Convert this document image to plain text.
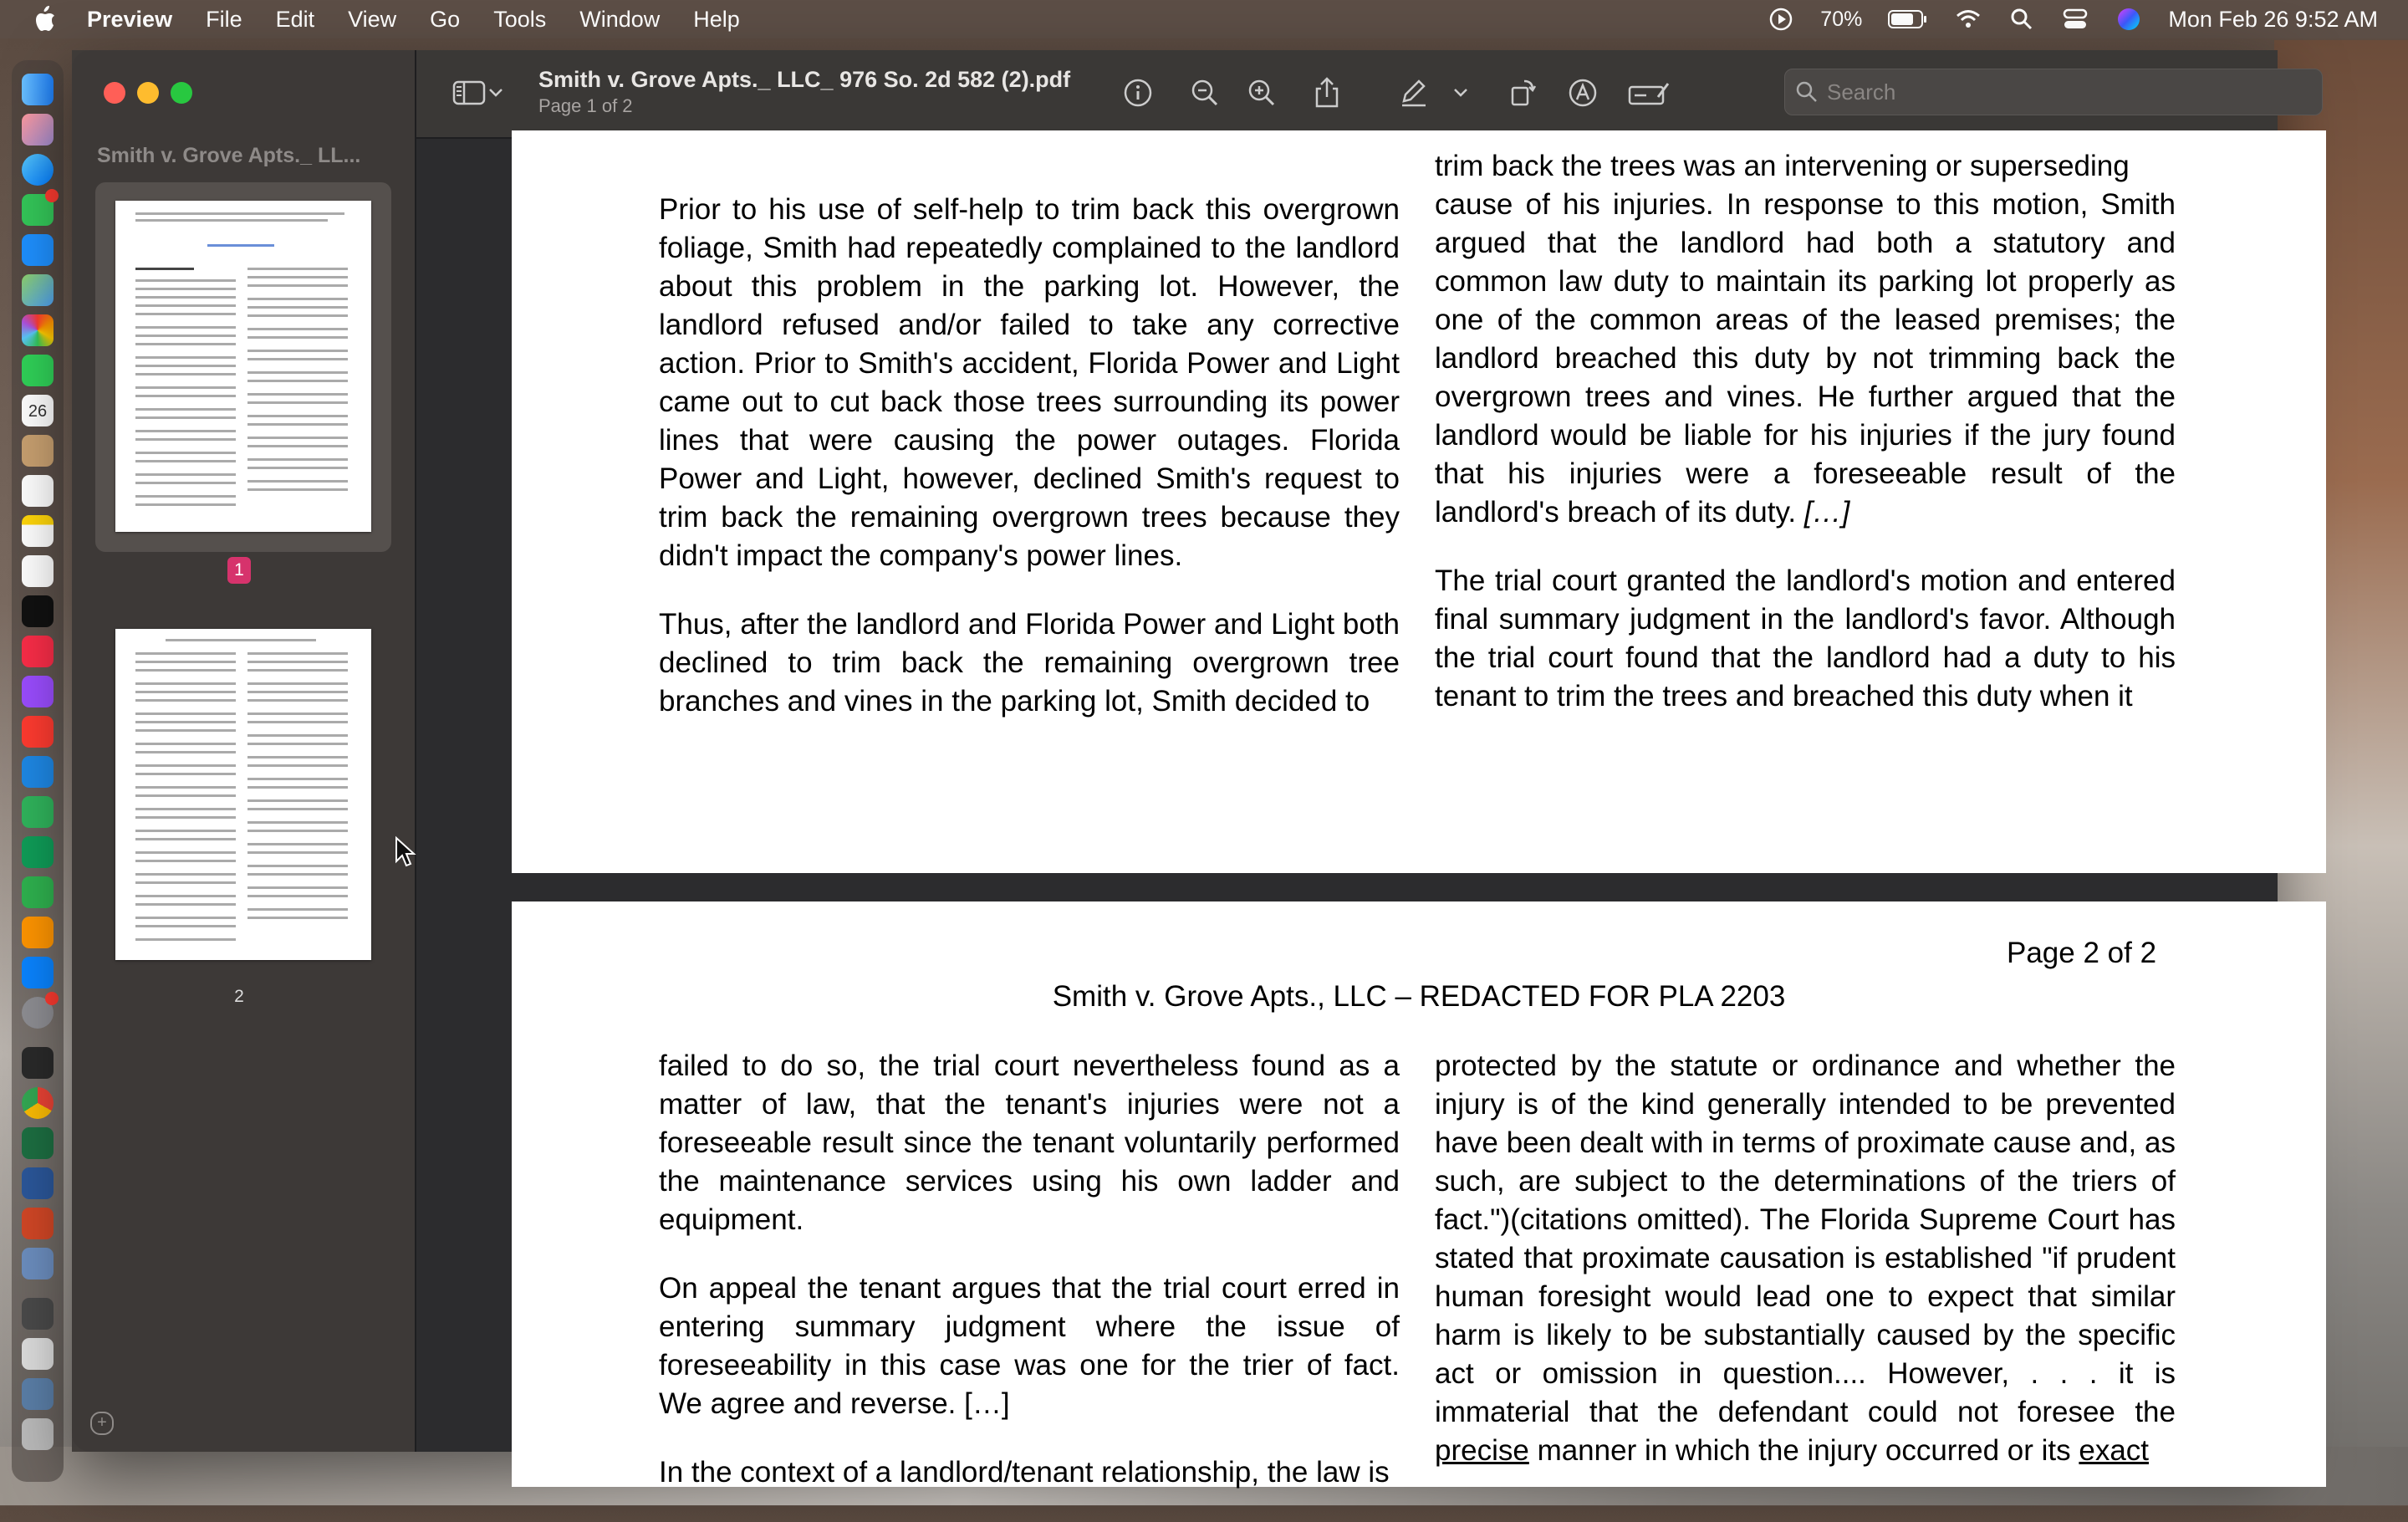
Preview File Edit View Go Tools Window Help	70%	Mon Feb 26 9:52 AM
26
Smith v. Grove Apts._ LL...
1
2
+
Smith v. Grove Apts._ LLC_ 976 So. 2d 582 (2).pdf
Page 1 of 2
Search

Prior to his use of self-help to trim back this overgrown foliage, Smith had repeatedly complained to the landlord about this problem in the parking lot. However, the landlord refused and/or failed to take any corrective action. Prior to Smith's accident, Florida Power and Light came out to cut back those trees surrounding its power lines that were causing the power outages. Florida Power and Light, however, declined Smith's request to trim back the remaining overgrown trees because they didn't impact the company's power lines.

Thus, after the landlord and Florida Power and Light both declined to trim back the remaining overgrown tree branches and vines in the parking lot, Smith decided to

trim back the trees was an intervening or superseding

cause of his injuries. In response to this motion, Smith argued that the landlord had both a statutory and common law duty to maintain its parking lot properly as one of the common areas of the leased premises; the landlord breached this duty by not trimming back the overgrown trees and vines. He further argued that the landlord would be liable for his injuries if the jury found that his injuries were a foreseeable result of the landlord's breach of its duty. […]

The trial court granted the landlord's motion and entered final summary judgment in the landlord's favor. Although the trial court found that the landlord had a duty to his tenant to trim the trees and breached this duty when it

Page 2 of 2
Smith v. Grove Apts., LLC – REDACTED FOR PLA 2203

failed to do so, the trial court nevertheless found as a matter of law, that the tenant's injuries were not a foreseeable result since the tenant voluntarily performed the maintenance services using his own ladder and equipment.

On appeal the tenant argues that the trial court erred in entering summary judgment where the issue of foreseeability in this case was one for the trier of fact. We agree and reverse. […]

In the context of a landlord/tenant relationship, the law is

protected by the statute or ordinance and whether the injury is of the kind generally intended to be prevented have been dealt with in terms of proximate cause and, as such, are subject to the determinations of the triers of fact.")(citations omitted). The Florida Supreme Court has stated that proximate causation is established "if prudent human foresight would lead one to expect that similar harm is likely to be substantially caused by the specific act or omission in question.... However, . . . it is immaterial that the defendant could not foresee the precise manner in which the injury occurred or its exact
